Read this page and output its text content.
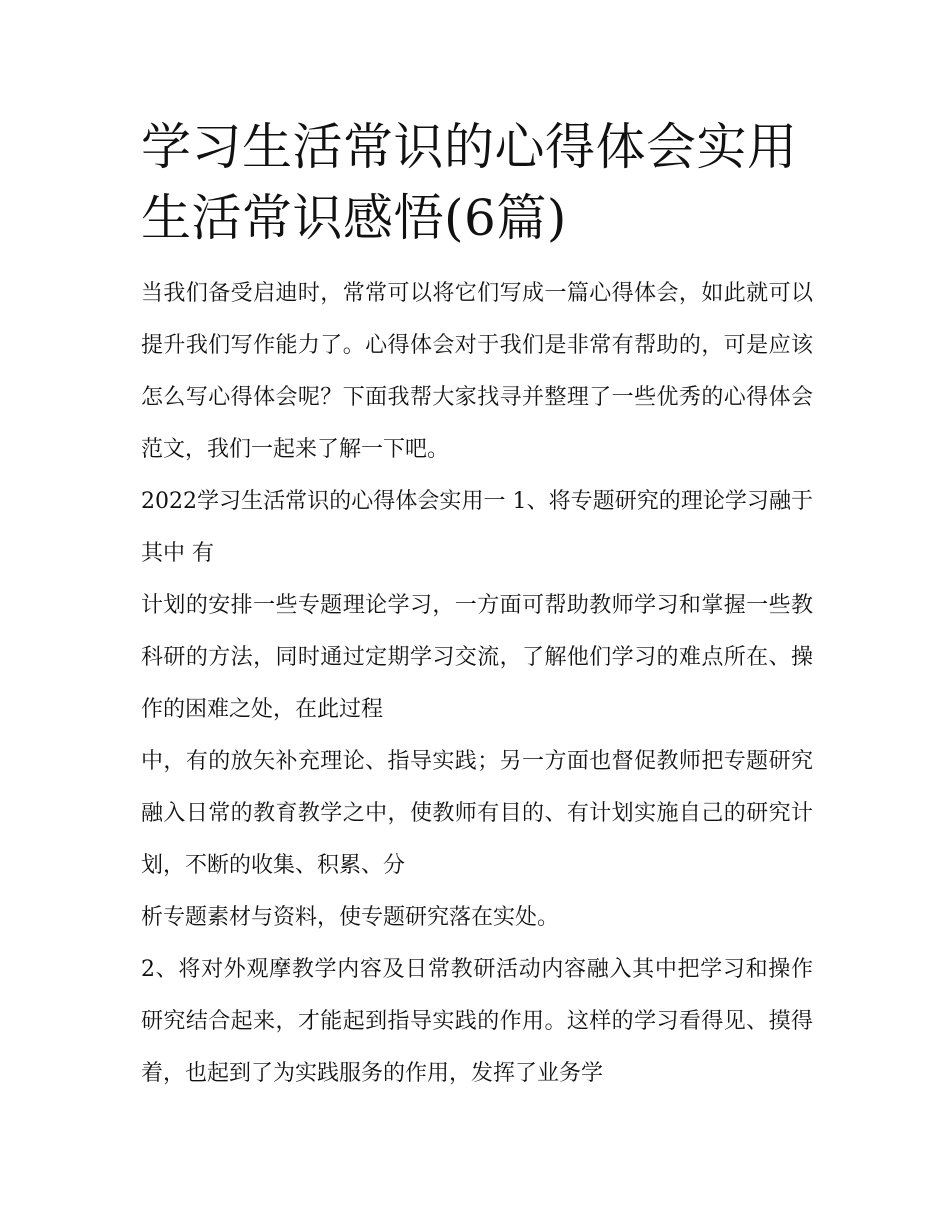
学习生活常识的心得体会实用生活常识感悟(6篇)

当我们备受启迪时，常常可以将它们写成一篇心得体会，如此就可以提升我们写作能力了。心得体会对于我们是非常有帮助的，可是应该怎么写心得体会呢？下面我帮大家找寻并整理了一些优秀的心得体会范文，我们一起来了解一下吧。

2022学习生活常识的心得体会实用一 1、将专题研究的理论学习融于其中 有

计划的安排一些专题理论学习，一方面可帮助教师学习和掌握一些教科研的方法，同时通过定期学习交流，了解他们学习的难点所在、操作的困难之处，在此过程

中，有的放矢补充理论、指导实践；另一方面也督促教师把专题研究融入日常的教育教学之中，使教师有目的、有计划实施自己的研究计划，不断的收集、积累、分

析专题素材与资料，使专题研究落在实处。

2、将对外观摩教学内容及日常教研活动内容融入其中把学习和操作研究结合起来，才能起到指导实践的作用。这样的学习看得见、摸得着，也起到了为实践服务的作用，发挥了业务学
